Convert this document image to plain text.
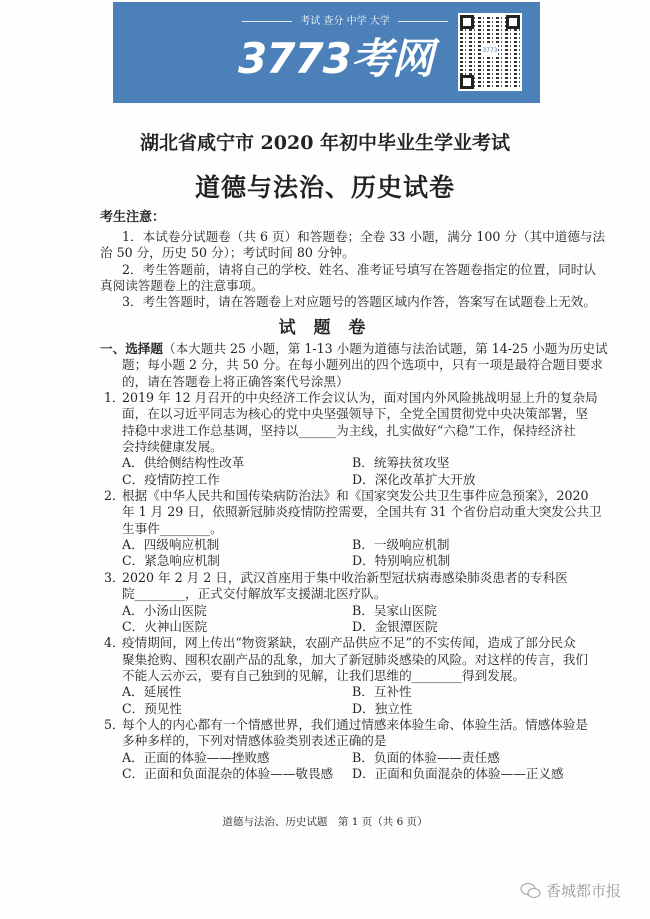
考试 查分 中学 大学
3773考网	3773
湖北省咸宁市 2020 年初中毕业生学业考试
道德与法治、历史试卷
考生注意：
1．本试卷分试题卷（共 6 页）和答题卷；全卷 33 小题，满分 100 分（其中道德与法
治 50 分，历史 50 分）；考试时间 80 分钟。
2．考生答题前，请将自己的学校、姓名、准考证号填写在答题卷指定的位置，同时认
真阅读答题卷上的注意事项。
3．考生答题时，请在答题卷上对应题号的答题区域内作答，答案写在试题卷上无效。
试 题 卷
一、选择题（本大题共 25 小题，第 1-13 小题为道德与法治试题，第 14-25 小题为历史试
题；每小题 2 分，共 50 分。在每小题列出的四个选项中，只有一项是最符合题目要求
的，请在答题卷上将正确答案代号涂黑）
1．2019 年 12 月召开的中央经济工作会议认为，面对国内外风险挑战明显上升的复杂局
面，在以习近平同志为核心的党中央坚强领导下，全党全国贯彻党中央决策部署，坚
持稳中求进工作总基调，坚持以______为主线，扎实做好“六稳”工作，保持经济社
会持续健康发展。
A．供给侧结构性改革	B．统筹扶贫攻坚
C．疫情防控工作	D．深化改革扩大开放
2．根据《中华人民共和国传染病防治法》和《国家突发公共卫生事件应急预案》，2020
年 1 月 29 日，依照新冠肺炎疫情防控需要，全国共有 31 个省份启动重大突发公共卫
生事件________。
A．四级响应机制	B．一级响应机制
C．紧急响应机制	D．特别响应机制
3．2020 年 2 月 2 日，武汉首座用于集中收治新型冠状病毒感染肺炎患者的专科医
院________，正式交付解放军支援湖北医疗队。
A．小汤山医院	B．吴家山医院
C．火神山医院	D．金银潭医院
4．疫情期间，网上传出“物资紧缺，农副产品供应不足”的不实传闻，造成了部分民众
聚集抢购、囤积农副产品的乱象，加大了新冠肺炎感染的风险。对这样的传言，我们
不能人云亦云，要有自己独到的见解，让我们思维的________得到发展。
A．延展性	B．互补性
C．预见性	D．独立性
5．每个人的内心都有一个情感世界，我们通过情感来体验生命、体验生活。情感体验是
多种多样的，下列对情感体验类别表述正确的是
A．正面的体验——挫败感	B．负面的体验——责任感
C．正面和负面混杂的体验——敬畏感 D．正面和负面混杂的体验——正义感
道德与法治、历史试题　第 1 页（共 6 页）
香城都市报
